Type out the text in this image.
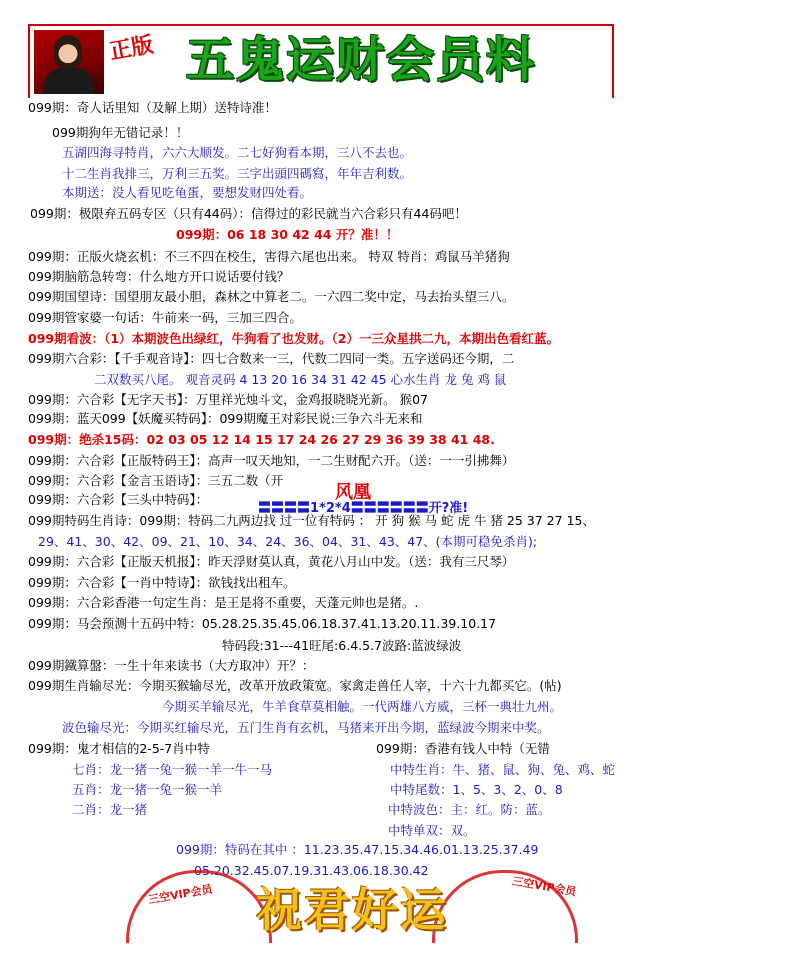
正版 五鬼运财会员料
099期：奇人话里知（及解上期）送特诗准！
099期狗年无错记录！！
五湖四海寻特肖，六六大顺发。二七好狗看本期，三八不去也。
十二生肖我排三，万利三五奖。三字出頭四碼寫，年年吉利数。
本期送：没人看见吃龟蛋，要想发财四处看。
099期：极限弃五码专区（只有44码）：信得过的彩民就当六合彩只有44码吧！
099期：06 18 30 42 44 开？准！！
099期：正版火烧玄机：不三不四在校生，害得六尾也出来。 特双 特肖：鸡鼠马羊猪狗
099期脑筋急转弯：什么地方开口说话要付钱？
099期国望诗：国望朋友最小胆，森林之中算老二。一六四二奖中定，马去抬头望三八。
099期管家婆一句话：牛前来一码，三加三四合。
099期看波：（1）本期波色出绿红，牛狗看了也发财。（2）一三众星拱二九，本期出色看红蓝。
099期六合彩：【千手观音诗】：四七合数来一三，代数二四同一类。五字送码还今期，二
二双数买八尾。 观音灵码 4 13 20 16 34 31 42 45 心水生肖 龙 兔 鸡 鼠
099期：六合彩【无字天书】：万里祥光烛斗文，金鸡报晓晓光新。 猴07
099期：蓝天099【妖魔买特码】：099期魔王对彩民说:三争六斗无来和
099期：绝杀15码：02 03 05 12 14 15 17 24 26 27 29 36 39 38 41 48.
099期：六合彩【正版特码王】：高声一叹天地知，一二生财配六开。（送：一一引拂舞）
099期：六合彩【金言玉语诗】：三五二数（开
099期：六合彩【三头中特码】：
099期特码生肖诗：099期：特码二九两边找 过一位有特码 ： 开 狗 猴 马 蛇 虎 牛 猪 25 37 27 15、
29、41、30、42、09、21、10、34、24、36、04、31、43、47、(本期可稳免杀肖);
099期：六合彩【正版天机报】：昨天浮财莫认真，黄花八月山中发。（送：我有三尺琴）
099期：六合彩【一肖中特诗】：欲钱找出租车。
099期：六合彩香港一句定生肖：是王是将不重要，天蓬元帅也是猪。.
099期：马会预测十五码中特：05.28.25.35.45.06.18.37.41.13.20.11.39.10.17
特码段:31---41旺尾:6.4.5.7波路:蓝波绿波
099期鐵算盤：一生十年来读书（大方取冲）开？：
099期生肖输尽光：今期买猴输尽光，改革开放政策宽。家禽走兽任人宰，十六十九都买它。(帖)
今期买羊输尽光，牛羊食草莫相触。一代两雄八方威，三杯一典壮九州。
波色输尽光：今期买红输尽光，五门生肖有玄机，马猪来开出今期，蓝绿波今期来中奖。
099期：鬼才相信的2-5-7肖中特
七肖：龙一猪一兔一猴一羊一牛一马
五肖：龙一猪一兔一猴一羊
二肖：龙一猪
099期：香港有钱人中特（无错
中特生肖：牛、猪、鼠、狗、兔、鸡、蛇
中特尾数：1、5、3、2、0、8
中特波色：主：红。防：蓝。
中特单双：双。
099期：特码在其中 ：11.23.35.47.15.34.46.01.13.25.37.49
05.20.32.45.07.19.31.43.06.18.30.42
风凰
〓〓〓〓1*2*4〓〓〓〓〓〓开?准!
三空VIP会员	三空VIP会员
祝君好运
